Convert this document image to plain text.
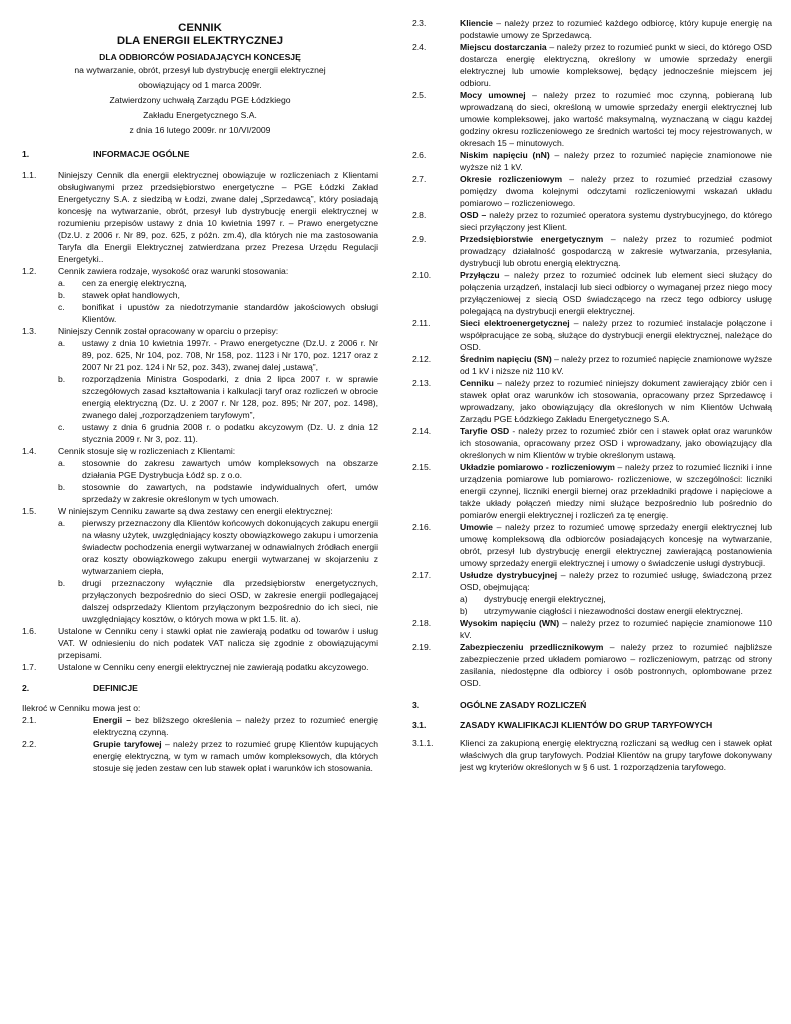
CENNIK
DLA ENERGII ELEKTRYCZNEJ
DLA ODBIORCÓW POSIADAJĄCYCH KONCESJĘ
na wytwarzanie, obrót, przesył lub dystrybucję energii elektrycznej
obowiązujący od 1 marca 2009r.
Zatwierdzony uchwałą Zarządu PGE Łódzkiego
Zakładu Energetycznego S.A.
z dnia 16 lutego 2009r. nr 10/VI/2009
1.	INFORMACJE OGÓLNE
1.1.	Niniejszy Cennik dla energii elektrycznej obowiązuje w rozliczeniach z Klientami obsługiwanymi przez przedsiębiorstwo energetyczne – PGE Łódzki Zakład Energetyczny S.A. z siedzibą w Łodzi, zwane dalej „Sprzedawcą”, który posiadają koncesję na wytwarzanie, obrót, przesył lub dystrybucję energii elektrycznej w rozumieniu przepisów ustawy z dnia 10 kwietnia 1997 r. – Prawo energetyczne (Dz.U. z 2006 r. Nr 89, poz. 625, z późn. zm.4), dla których nie ma zastosowania Taryfa dla Energii Elektrycznej zatwierdzana przez Prezesa Urzędu Regulacji Energetyki..
1.2.	Cennik zawiera rodzaje, wysokość oraz warunki stosowania:
a.	cen za energię elektryczną,
b.	stawek opłat handlowych,
c.	bonifikat i upustów za niedotrzymanie standardów jakościowych obsługi Klientów.
1.3.	Niniejszy Cennik został opracowany w oparciu o przepisy:
a.	ustawy z dnia 10 kwietnia 1997r. - Prawo energetyczne (Dz.U. z 2006 r. Nr 89, poz. 625, Nr 104, poz. 708, Nr 158, poz. 1123 i Nr 170, poz. 1217 oraz z 2007 Nr 21 poz. 124 i Nr 52, poz. 343), zwanej dalej „ustawą”,
b.	rozporządzenia Ministra Gospodarki, z dnia 2 lipca 2007 r. w sprawie szczegółowych zasad kształtowania i kalkulacji taryf oraz rozliczeń w obrocie energią elektryczną (Dz. U. z 2007 r. Nr 128, poz. 895; Nr 207, poz. 1498), zwanego dalej „rozporządzeniem taryfowym”,
c.	ustawy z dnia 6 grudnia 2008 r. o podatku akcyzowym (Dz. U. z dnia 12 stycznia 2009 r. Nr 3, poz. 11).
1.4.	Cennik stosuje się w rozliczeniach z Klientami:
a.	stosownie do zakresu zawartych umów kompleksowych na obszarze działania PGE Dystrybucja Łódź sp. z o.o.
b.	stosownie do zawartych, na podstawie indywidualnych ofert, umów sprzedaży w zakresie określonym w tych umowach.
1.5.	W niniejszym Cenniku zawarte są dwa zestawy cen energii elektrycznej:
a.	pierwszy przeznaczony dla Klientów końcowych dokonujących zakupu energii na własny użytek, uwzględniający koszty obowiązkowego zakupu i umorzenia świadectw pochodzenia energii wytwarzanej w odnawialnych źródłach energii oraz koszty obowiązkowego zakupu energii wytwarzanej w skojarzeniu z wytwarzaniem ciepła,
b.	drugi przeznaczony wyłącznie dla przedsiębiorstw energetycznych, przyłączonych bezpośrednio do sieci OSD, w zakresie energii podlegającej dalszej odsprzedaży Klientom przyłączonym bezpośrednio do ich sieci, nie uwzględniający kosztów, o których mowa w pkt 1.5. lit. a).
1.6.	Ustalone w Cenniku ceny i stawki opłat nie zawierają podatku od towarów i usług VAT. W odniesieniu do nich podatek VAT nalicza się zgodnie z obowiązującymi przepisami.
1.7.	Ustalone w Cenniku ceny energii elektrycznej nie zawierają podatku akcyzowego.
2.	DEFINICJE
Ilekroć w Cenniku mowa jest o:
2.1.	Energii – bez bliższego określenia – należy przez to rozumieć energię elektryczną czynną.
2.2.	Grupie taryfowej – należy przez to rozumieć grupę Klientów kupujących energię elektryczną, w tym w ramach umów kompleksowych, dla których stosuje się jeden zestaw cen lub stawek opłat i warunków ich stosowania.
2.3.	Kliencie – należy przez to rozumieć każdego odbiorcę, który kupuje energię na podstawie umowy ze Sprzedawcą.
2.4.	Miejscu dostarczania – należy przez to rozumieć punkt w sieci, do którego OSD dostarcza energię elektryczną, określony w umowie sprzedaży energii elektrycznej lub umowie kompleksowej, będący jednocześnie miejscem jej odbioru.
2.5.	Mocy umownej – należy przez to rozumieć moc czynną, pobieraną lub wprowadzaną do sieci, określoną w umowie sprzedaży energii elektrycznej lub umowie kompleksowej, jako wartość maksymalną, wyznaczaną w ciągu każdej godziny okresu rozliczeniowego ze średnich wartości tej mocy rejestrowanych, w okresach 15 – minutowych.
2.6.	Niskim napięciu (nN) – należy przez to rozumieć napięcie znamionowe nie wyższe niż 1 kV.
2.7.	Okresie rozliczeniowym – należy przez to rozumieć przedział czasowy pomiędzy dwoma kolejnymi odczytami rozliczeniowymi wskazań układu pomiarowo – rozliczeniowego.
2.8.	OSD – należy przez to rozumieć operatora systemu dystrybucyjnego, do którego sieci przyłączony jest Klient.
2.9.	Przedsiębiorstwie energetycznym – należy przez to rozumieć podmiot prowadzący działalność gospodarczą w zakresie wytwarzania, przesyłania, dystrybucji lub obrotu energią elektryczną.
2.10.	Przyłączu – należy przez to rozumieć odcinek lub element sieci służący do połączenia urządzeń, instalacji lub sieci odbiorcy o wymaganej przez niego mocy przyłączeniowej z siecią OSD świadczącego na rzecz tego odbiorcy usługę polegającą na dystrybucji energii elektrycznej.
2.11.	Sieci elektroenergetycznej – należy przez to rozumieć instalacje połączone i współpracujące ze sobą, służące do dystrybucji energii elektrycznej, należące do OSD.
2.12.	Średnim napięciu (SN) – należy przez to rozumieć napięcie znamionowe wyższe od 1 kV i niższe niż 110 kV.
2.13.	Cenniku – należy przez to rozumieć niniejszy dokument zawierający zbiór cen i stawek opłat oraz warunków ich stosowania, opracowany przez Sprzedawcę i wprowadzany, jako obowiązujący dla określonych w nim Klientów Uchwałą Zarządu PGE Łódzkiego Zakładu Energetycznego S.A.
2.14.	Taryfie OSD - należy przez to rozumieć zbiór cen i stawek opłat oraz warunków ich stosowania, opracowany przez OSD i wprowadzany, jako obowiązujący dla określonych w nim Klientów w trybie określonym ustawą.
2.15.	Układzie pomiarowo - rozliczeniowym – należy przez to rozumieć liczniki i inne urządzenia pomiarowe lub pomiarowo- rozliczeniowe, w szczególności: liczniki energii czynnej, liczniki energii biernej oraz przekładniki prądowe i napięciowe a także układy połączeń miedzy nimi służące bezpośrednio lub pośrednio do pomiarów energii elektrycznej i rozliczeń za tę energię.
2.16.	Umowie – należy przez to rozumieć umowę sprzedaży energii elektrycznej lub umowę kompleksową dla odbiorców posiadających koncesję na wytwarzanie, obrót, przesył lub dystrybucję energii elektrycznej zawierającą postanowienia umowy sprzedaży energii elektrycznej i umowy o świadczenie usługi dystrybucji.
2.17.	Usłudze dystrybucyjnej – należy przez to rozumieć usługę, świadczoną przez OSD, obejmującą:
a)	dystrybucję energii elektrycznej,
b)	utrzymywanie ciągłości i niezawodności dostaw energii elektrycznej.
2.18.	Wysokim napięciu (WN) – należy przez to rozumieć napięcie znamionowe 110 kV.
2.19.	Zabezpieczeniu przedlicznikowym – należy przez to rozumieć najbliższe zabezpieczenie przed układem pomiarowo – rozliczeniowym, patrząc od strony zasilania, niedostępne dla odbiorcy i osób postronnych, oplombowane przez OSD.
3.	OGÓLNE ZASADY ROZLICZEŃ
3.1.	ZASADY KWALIFIKACJI KLIENTÓW DO GRUP TARYFOWYCH
3.1.1.	Klienci za zakupioną energię elektryczną rozliczani są według cen i stawek opłat właściwych dla grup taryfowych. Podział Klientów na grupy taryfowe dokonywany jest wg kryteriów określonych w § 6 ust. 1 rozporządzenia taryfowego.
